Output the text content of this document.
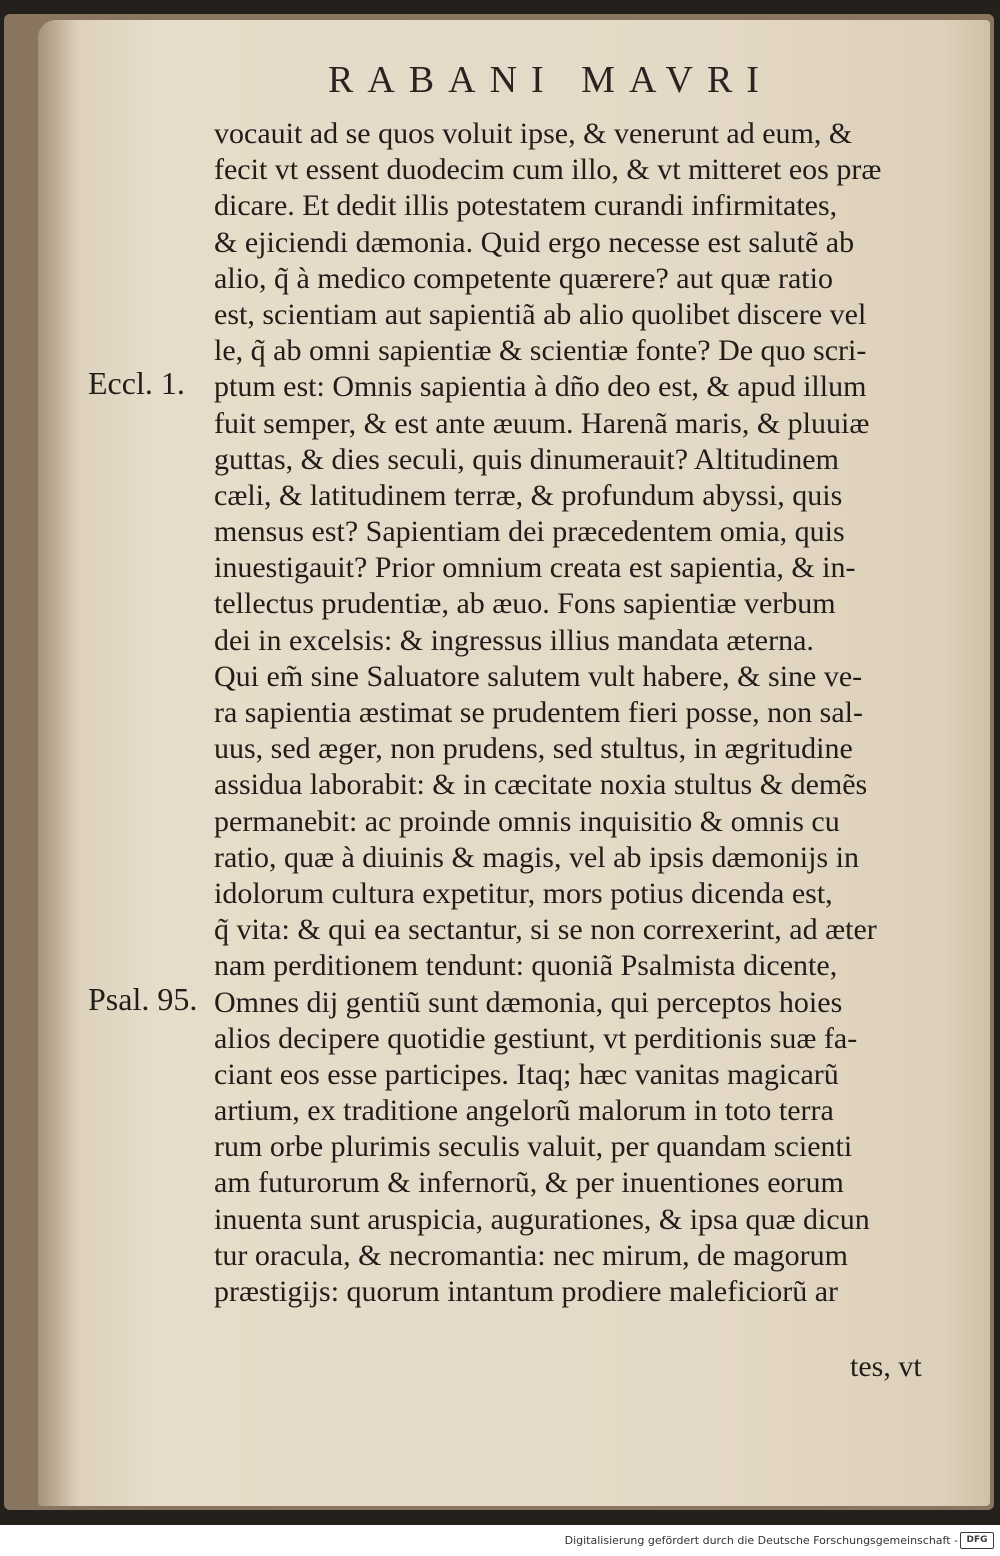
RABANI MAVRI
vocauit ad se quos voluit ipse, & venerunt ad eum, &
fecit vt essent duodecim cum illo, & vt mitteret eos præ
dicare. Et dedit illis potestatem curandi infirmitates,
& ejiciendi dæmonia. Quid ergo necesse est salutẽ ab
alio, q̃ à medico competente quærere? aut quæ ratio
est, scientiam aut sapientiã ab alio quolibet discere vel
le, q̃ ab omni sapientiæ & scientiæ fonte? De quo scri-
ptum est: Omnis sapientia à dño deo est, & apud illum
fuit semper, & est ante æuum. Harenã maris, & pluuiæ
guttas, & dies seculi, quis dinumerauit? Altitudinem
cæli, & latitudinem terræ, & profundum abyssi, quis
mensus est? Sapientiam dei præcedentem omia, quis
inuestigauit? Prior omnium creata est sapientia, & in-
tellectus prudentiæ, ab æuo. Fons sapientiæ verbum
dei in excelsis: & ingressus illius mandata æterna.
Qui em̃ sine Saluatore salutem vult habere, & sine ve-
ra sapientia æstimat se prudentem fieri posse, non sal-
uus, sed æger, non prudens, sed stultus, in ægritudine
assidua laborabit: & in cæcitate noxia stultus & demẽs
permanebit: ac proinde omnis inquisitio & omnis cu
ratio, quæ à diuinis & magis, vel ab ipsis dæmonijs in
idolorum cultura expetitur, mors potius dicenda est,
q̃ vita: & qui ea sectantur, si se non correxerint, ad æter
nam perditionem tendunt: quoniã Psalmista dicente,
Omnes dij gentiũ sunt dæmonia, qui perceptos hoies
alios decipere quotidie gestiunt, vt perditionis suæ fa-
ciant eos esse participes. Itaq; hæc vanitas magicarũ
artium, ex traditione angelorũ malorum in toto terra
rum orbe plurimis seculis valuit, per quandam scienti
am futurorum & infernorũ, & per inuentiones eorum
inuenta sunt aruspicia, augurationes, & ipsa quæ dicun
tur oracula, & necromantia: nec mirum, de magorum
præstigijs: quorum intantum prodiere maleficiorũ ar
Eccl. 1.
Psal. 95.
tes, vt
Digitalisierung gefördert durch die Deutsche Forschungsgemeinschaft - DFG
